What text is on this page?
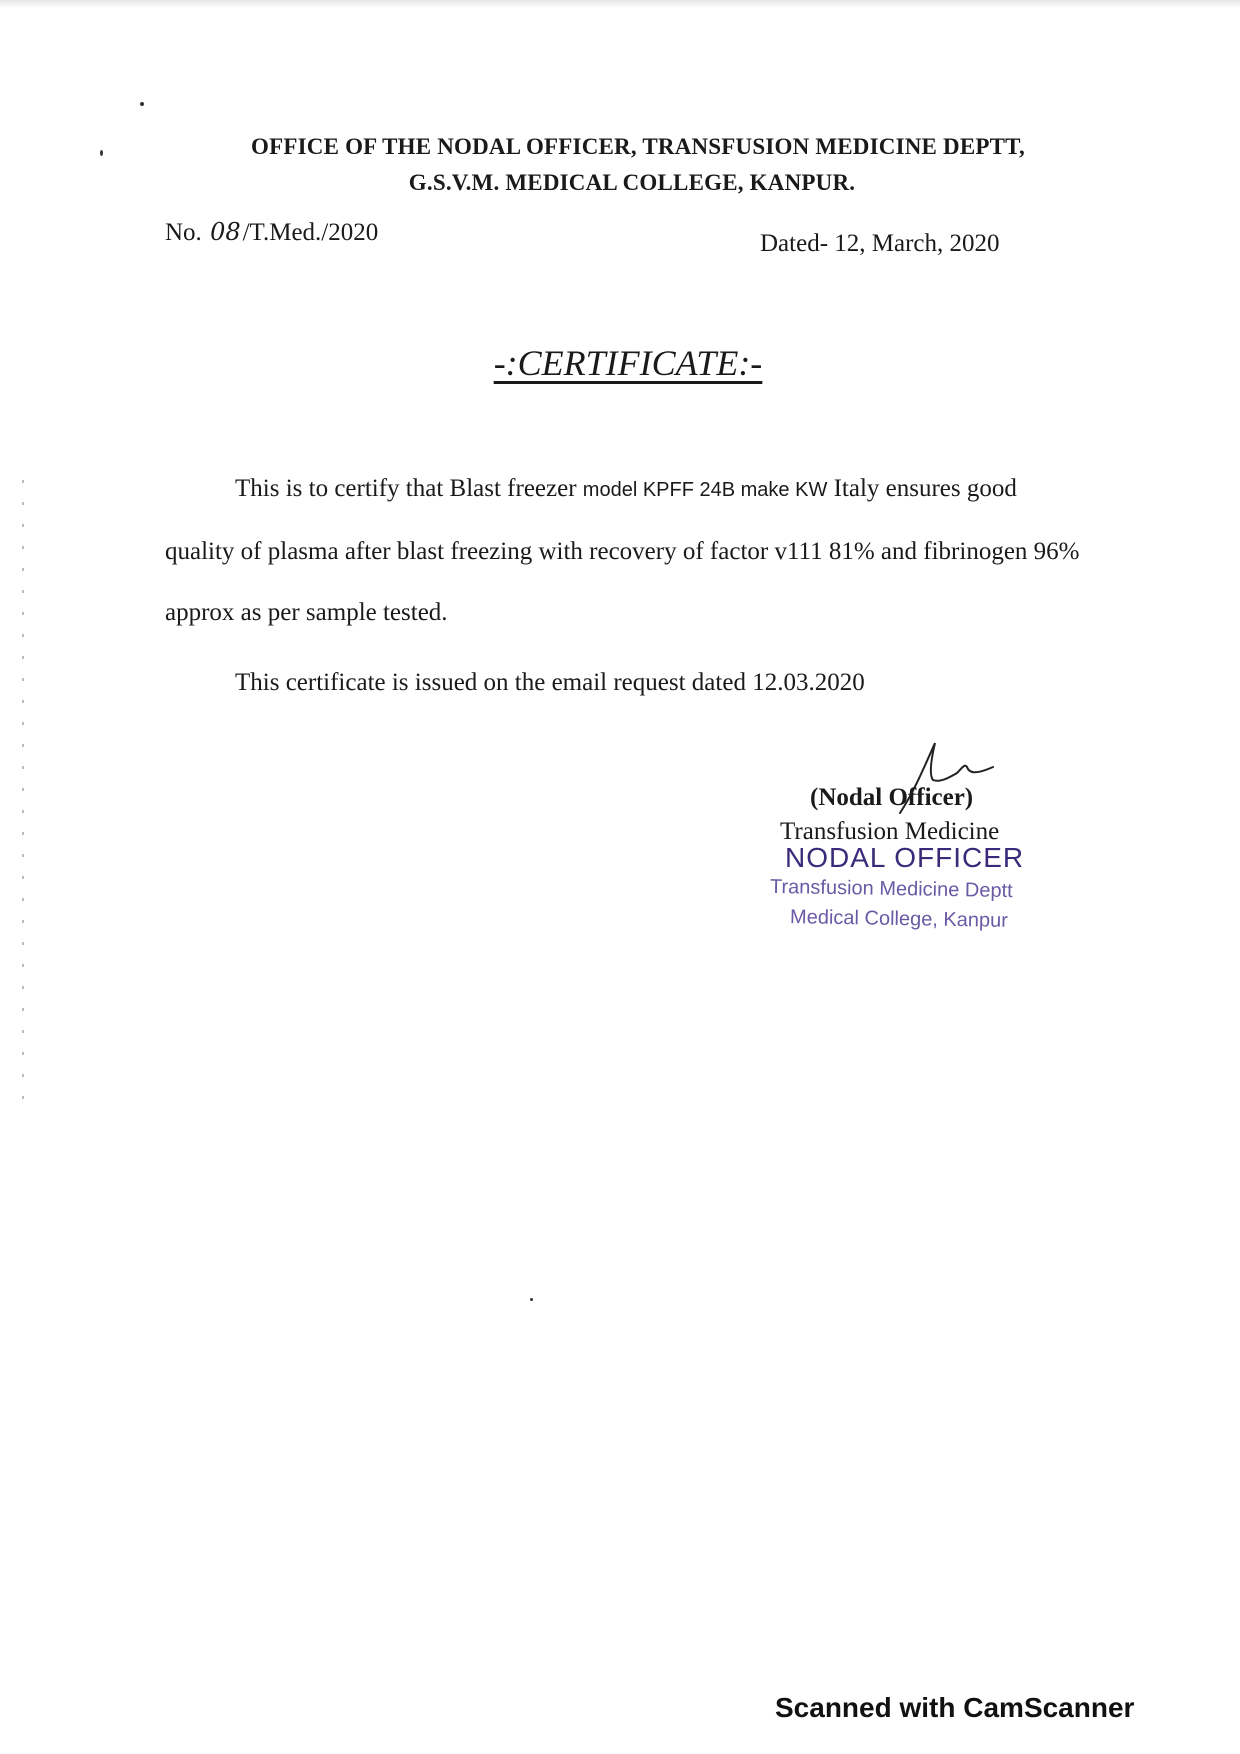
OFFICE OF THE NODAL OFFICER, TRANSFUSION MEDICINE DEPTT,
G.S.V.M. MEDICAL COLLEGE, KANPUR.
No. 08/T.Med./2020	Dated- 12, March, 2020
-:CERTIFICATE:-
This is to certify that Blast freezer model KPFF 24B make KW Italy ensures good quality of plasma after blast freezing with recovery of factor v111 81% and fibrinogen 96% approx as per sample tested.
This certificate is issued on the email request dated 12.03.2020
(Nodal Officer)
Transfusion Medicine
NODAL OFFICER
Transfusion Medicine Deptt
Medical College, Kanpur
Scanned with CamScanner
